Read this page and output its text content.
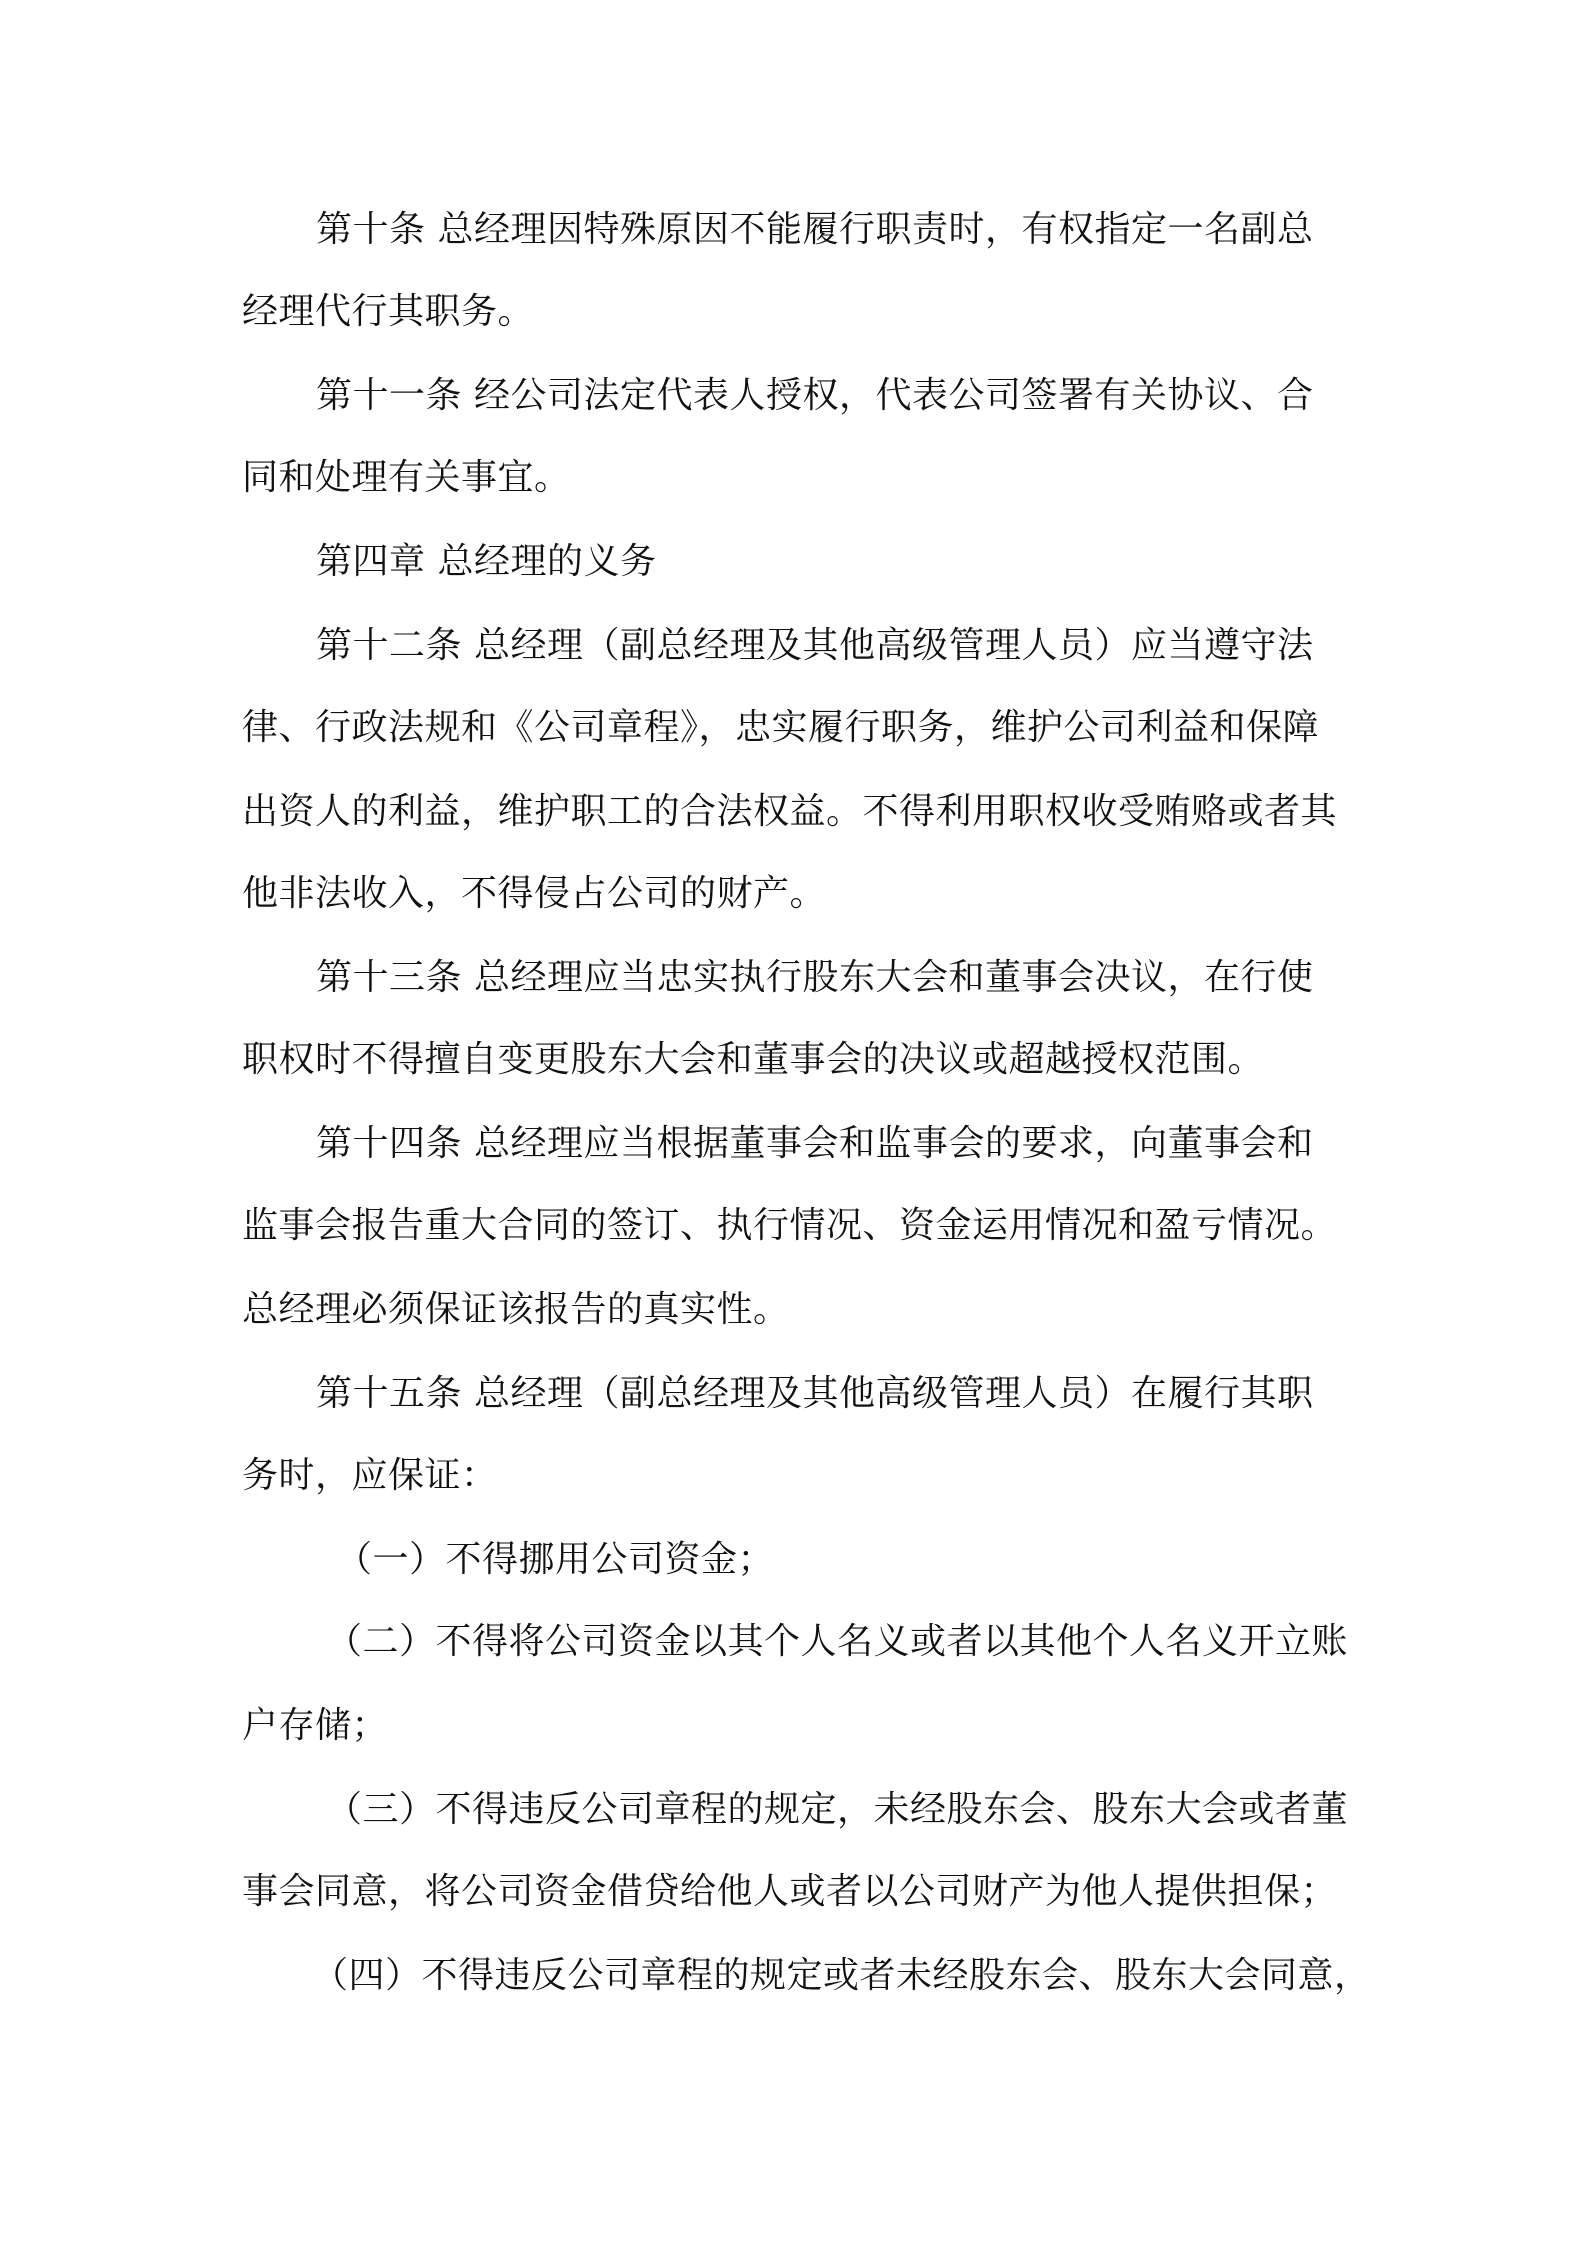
第十条 总经理因特殊原因不能履行职责时，有权指定一名副总
经理代行其职务。
第十一条 经公司法定代表人授权，代表公司签署有关协议、合
同和处理有关事宜。
第四章 总经理的义务
第十二条 总经理（副总经理及其他高级管理人员）应当遵守法
律、行政法规和《公司章程》，忠实履行职务，维护公司利益和保障
出资人的利益，维护职工的合法权益。不得利用职权收受贿赂或者其
他非法收入，不得侵占公司的财产。
第十三条 总经理应当忠实执行股东大会和董事会决议，在行使
职权时不得擅自变更股东大会和董事会的决议或超越授权范围。
第十四条 总经理应当根据董事会和监事会的要求，向董事会和
监事会报告重大合同的签订、执行情况、资金运用情况和盈亏情况。
总经理必须保证该报告的真实性。
第十五条 总经理（副总经理及其他高级管理人员）在履行其职
务时，应保证：
（一）不得挪用公司资金；
（二）不得将公司资金以其个人名义或者以其他个人名义开立账
户存储；
（三）不得违反公司章程的规定，未经股东会、股东大会或者董
事会同意，将公司资金借贷给他人或者以公司财产为他人提供担保；
（四）不得违反公司章程的规定或者未经股东会、股东大会同意，
